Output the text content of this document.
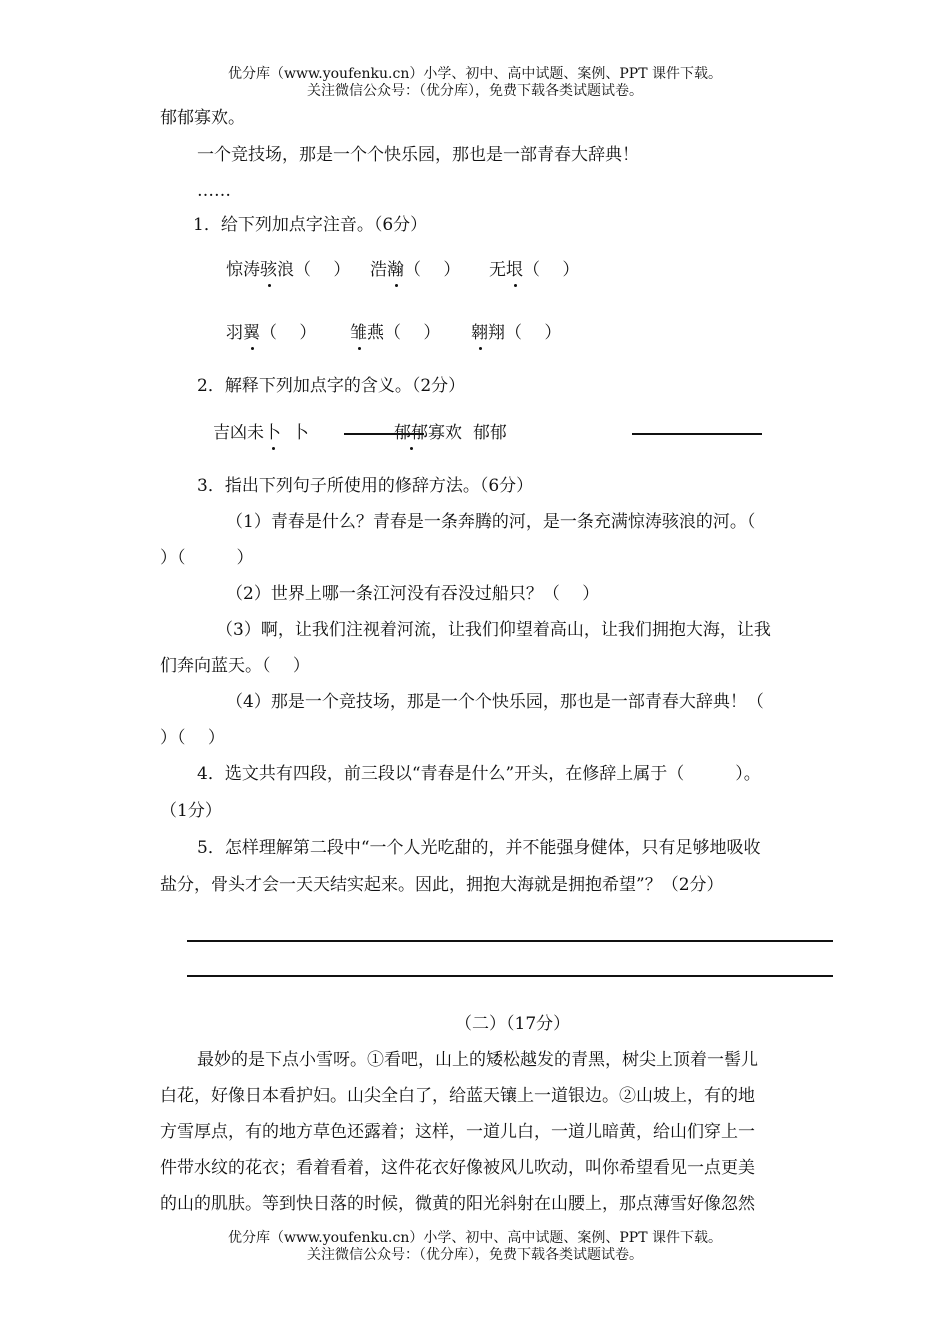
优分库（www.youfenku.cn）小学、初中、高中试题、案例、PPT 课件下载。
关注微信公众号：（优分库），免费下载各类试题试卷。
郁郁寡欢。
一个竞技场，那是一个个快乐园，那也是一部青春大辞典！
……
1．给下列加点字注音。（6分）
惊涛骇浪（　 ） 浩瀚（　 ） 无垠（　 ）
羽翼（　 ） 雏燕（　 ） 翱翔（　 ）
2．解释下列加点字的含义。（2分）
吉凶未卜 卜	郁郁寡欢 郁郁
3．指出下列句子所使用的修辞方法。（6分）
（1）青春是什么？青春是一条奔腾的河，是一条充满惊涛骇浪的河。（
）（　　　）
（2）世界上哪一条江河没有吞没过船只？（　 ）
（3）啊，让我们注视着河流，让我们仰望着高山，让我们拥抱大海，让我
们奔向蓝天。（　 ）
（4）那是一个竞技场，那是一个个快乐园，那也是一部青春大辞典！（
）（　 ）
4．选文共有四段，前三段以“青春是什么”开头，在修辞上属于（　　　）。
（1分）
5．怎样理解第二段中“一个人光吃甜的，并不能强身健体，只有足够地吸收
盐分，骨头才会一天天结实起来。因此，拥抱大海就是拥抱希望”？（2分）
（二）（17分）
最妙的是下点小雪呀。①看吧，山上的矮松越发的青黑，树尖上顶着一髻儿
白花，好像日本看护妇。山尖全白了，给蓝天镶上一道银边。②山坡上，有的地
方雪厚点，有的地方草色还露着；这样，一道儿白，一道儿暗黄，给山们穿上一
件带水纹的花衣；看着看着，这件花衣好像被风儿吹动，叫你希望看见一点更美
的山的肌肤。等到快日落的时候，微黄的阳光斜射在山腰上，那点薄雪好像忽然
优分库（www.youfenku.cn）小学、初中、高中试题、案例、PPT 课件下载。
关注微信公众号：（优分库），免费下载各类试题试卷。
